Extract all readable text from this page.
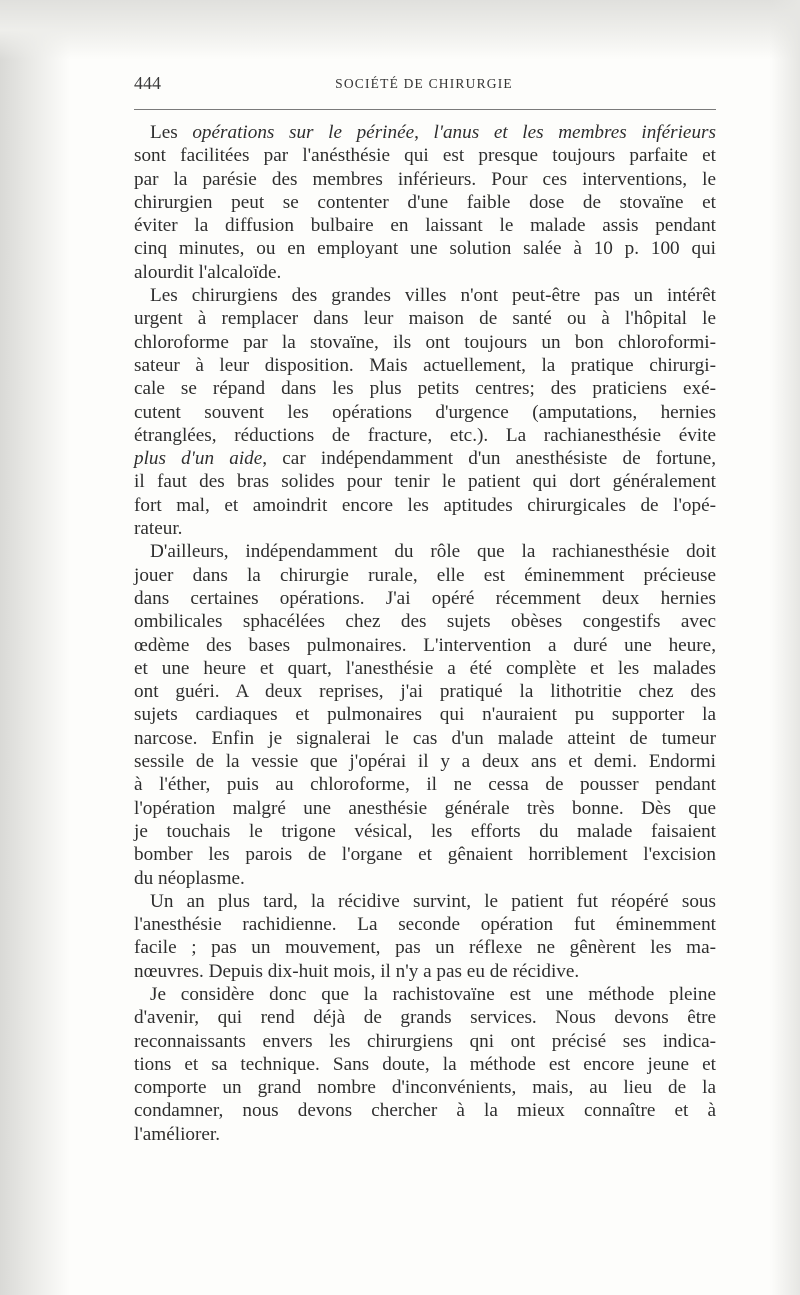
444	SOCIÉTÉ DE CHIRURGIE
Les opérations sur le périnée, l'anus et les membres inférieurs
sont facilitées par l'anésthésie qui est presque toujours parfaite et
par la parésie des membres inférieurs. Pour ces interventions, le
chirurgien peut se contenter d'une faible dose de stovaïne et
éviter la diffusion bulbaire en laissant le malade assis pendant
cinq minutes, ou en employant une solution salée à 10 p. 100 qui
alourdit l'alcaloïde.
Les chirurgiens des grandes villes n'ont peut-être pas un intérêt
urgent à remplacer dans leur maison de santé ou à l'hôpital le
chloroforme par la stovaïne, ils ont toujours un bon chloroformi-
sateur à leur disposition. Mais actuellement, la pratique chirurgi-
cale se répand dans les plus petits centres; des praticiens exé-
cutent souvent les opérations d'urgence (amputations, hernies
étranglées, réductions de fracture, etc.). La rachianesthésie évite
plus d'un aide, car indépendamment d'un anesthésiste de fortune,
il faut des bras solides pour tenir le patient qui dort généralement
fort mal, et amoindrit encore les aptitudes chirurgicales de l'opé-
rateur.
D'ailleurs, indépendamment du rôle que la rachianesthésie doit
jouer dans la chirurgie rurale, elle est éminemment précieuse
dans certaines opérations. J'ai opéré récemment deux hernies
ombilicales sphacélées chez des sujets obèses congestifs avec
œdème des bases pulmonaires. L'intervention a duré une heure,
et une heure et quart, l'anesthésie a été complète et les malades
ont guéri. A deux reprises, j'ai pratiqué la lithotritie chez des
sujets cardiaques et pulmonaires qui n'auraient pu supporter la
narcose. Enfin je signalerai le cas d'un malade atteint de tumeur
sessile de la vessie que j'opérai il y a deux ans et demi. Endormi
à l'éther, puis au chloroforme, il ne cessa de pousser pendant
l'opération malgré une anesthésie générale très bonne. Dès que
je touchais le trigone vésical, les efforts du malade faisaient
bomber les parois de l'organe et gênaient horriblement l'excision
du néoplasme.
Un an plus tard, la récidive survint, le patient fut réopéré sous
l'anesthésie rachidienne. La seconde opération fut éminemment
facile ; pas un mouvement, pas un réflexe ne gênèrent les ma-
nœuvres. Depuis dix-huit mois, il n'y a pas eu de récidive.
Je considère donc que la rachistovaïne est une méthode pleine
d'avenir, qui rend déjà de grands services. Nous devons être
reconnaissants envers les chirurgiens qni ont précisé ses indica-
tions et sa technique. Sans doute, la méthode est encore jeune et
comporte un grand nombre d'inconvénients, mais, au lieu de la
condamner, nous devons chercher à la mieux connaître et à
l'améliorer.
